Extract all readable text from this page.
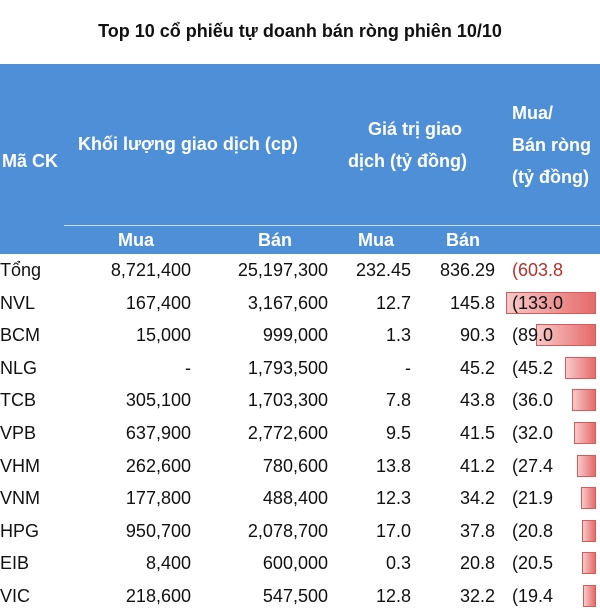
Top 10 cổ phiếu tự doanh bán ròng phiên 10/10
Mã CK
Khối lượng giao dịch (cp)
Giá trị giao
dịch (tỷ đồng)
Mua/
Bán ròng
(tỷ đồng)
Mua	Bán	Mua	Bán
Tổng	8,721,400	25,197,300 232.45 836.29 (603.8
NVL	167,400	3,167,600	12.7 145.8 (133.0
BCM	15,000	999,000	1.3	90.3 (89.0
NLG	-	1,793,500	-	45.2 (45.2
TCB	305,100	1,703,300	7.8	43.8 (36.0
VPB	637,900	2,772,600	9.5	41.5 (32.0
VHM	262,600	780,600	13.8	41.2 (27.4
VNM	177,800	488,400	12.3	34.2 (21.9
HPG	950,700	2,078,700	17.0	37.8 (20.8
EIB	8,400	600,000	0.3	20.8 (20.5
VIC	218,600	547,500	12.8	32.2 (19.4
